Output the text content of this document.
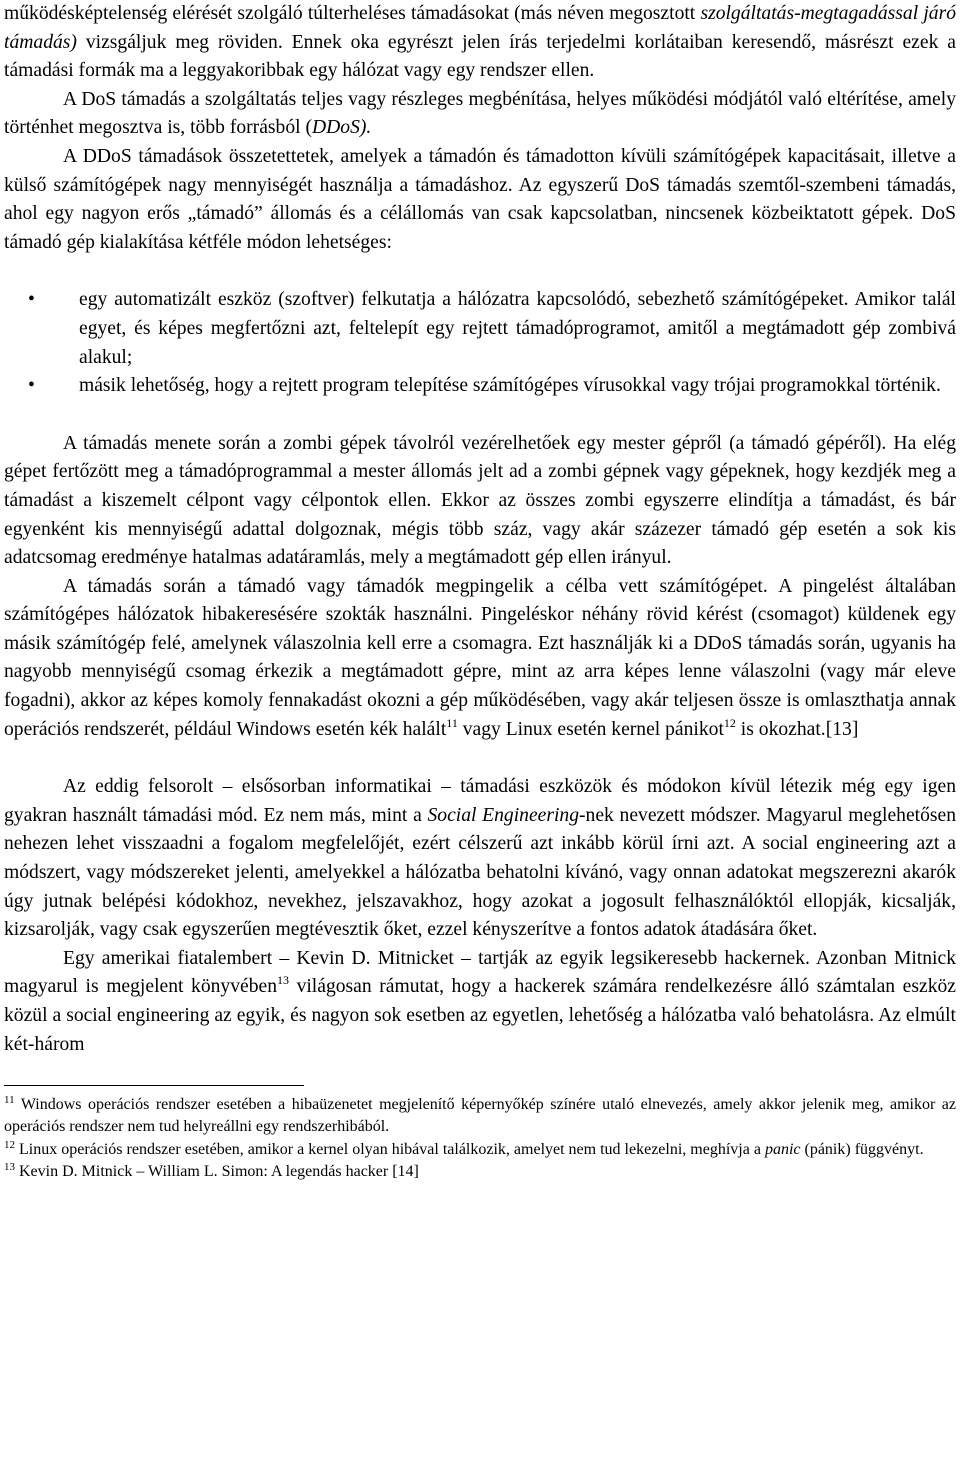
működésképtelenség elérését szolgáló túlterheléses támadásokat (más néven megosztott szolgáltatás-megtagadással járó támadás) vizsgáljuk meg röviden. Ennek oka egyrészt jelen írás terjedelmi korlátaiban keresendő, másrészt ezek a támadási formák ma a leggyakoribbak egy hálózat vagy egy rendszer ellen.

A DoS támadás a szolgáltatás teljes vagy részleges megbénítása, helyes működési módjától való eltérítése, amely történhet megosztva is, több forrásból (DDoS).

A DDoS támadások összetettetek, amelyek a támadón és támadotton kívüli számítógépek kapacitásait, illetve a külső számítógépek nagy mennyiségét használja a támadáshoz. Az egyszerű DoS támadás szemtől-szembeni támadás, ahol egy nagyon erős „támadó” állomás és a célállomás van csak kapcsolatban, nincsenek közbeiktatott gépek. DoS támadó gép kialakítása kétféle módon lehetséges:

• egy automatizált eszköz (szoftver) felkutatja a hálózatra kapcsolódó, sebezhető számítógépeket. Amikor talál egyet, és képes megfertőzni azt, feltelepít egy rejtett támadóprogramot, amitől a megtámadott gép zombivá alakul;
• másik lehetőség, hogy a rejtett program telepítése számítógépes vírusokkal vagy trójai programokkal történik.

A támadás menete során a zombi gépek távolról vezérelhetőek egy mester gépről (a támadó gépéről). Ha elég gépet fertőzött meg a támadóprogrammal a mester állomás jelt ad a zombi gépnek vagy gépeknek, hogy kezdjék meg a támadást a kiszemelt célpont vagy célpontok ellen. Ekkor az összes zombi egyszerre elindítja a támadást, és bár egyenként kis mennyiségű adattal dolgoznak, mégis több száz, vagy akár százezer támadó gép esetén a sok kis adatcsomag eredménye hatalmas adatáramlás, mely a megtámadott gép ellen irányul.

A támadás során a támadó vagy támadók megpingelik a célba vett számítógépet. A pingelést általában számítógépes hálózatok hibakeresésére szokták használni. Pingeléskor néhány rövid kérést (csomagot) küldenek egy másik számítógép felé, amelynek válaszolnia kell erre a csomagra. Ezt használják ki a DDoS támadás során, ugyanis ha nagyobb mennyiségű csomag érkezik a megtámadott gépre, mint az arra képes lenne válaszolni (vagy már eleve fogadni), akkor az képes komoly fennakadást okozni a gép működésében, vagy akár teljesen össze is omlaszthatja annak operációs rendszerét, például Windows esetén kék halált$^{11}$ vagy Linux esetén kernel pánikot$^{12}$ is okozhat.[13]

Az eddig felsorolt – elsősorban informatikai – támadási eszközök és módokon kívül létezik még egy igen gyakran használt támadási mód. Ez nem más, mint a Social Engineering-nek nevezett módszer. Magyarul meglehetősen nehezen lehet visszaadni a fogalom megfelelőjét, ezért célszerű azt inkább körül írni azt. A social engineering azt a módszert, vagy módszereket jelenti, amelyekkel a hálózatba behatolni kívánó, vagy onnan adatokat megszerezni akarók úgy jutnak belépési kódokhoz, nevekhez, jelszavakhoz, hogy azokat a jogosult felhasználóktól ellopják, kicsalják, kizsarolják, vagy csak egyszerűen megtévesztik őket, ezzel kényszerítve a fontos adatok átadására őket.

Egy amerikai fiatalembert – Kevin D. Mitnicket – tartják az egyik legsikeresebb hackernek. Azonban Mitnick magyarul is megjelent könyvében$^{13}$ világosan rámutat, hogy a hackerek számára rendelkezésre álló számtalan eszköz közül a social engineering az egyik, és nagyon sok esetben az egyetlen, lehetőség a hálózatba való behatolásra. Az elmúlt két-három

$^{11}$ Windows operációs rendszer esetében a hibaüzenetet megjelenítő képernyőkép színére utaló elnevezés, amely akkor jelenik meg, amikor az operációs rendszer nem tud helyreállni egy rendszerhibából.

$^{12}$ Linux operációs rendszer esetében, amikor a kernel olyan hibával találkozik, amelyet nem tud lekezelni, meghívja a panic (pánik) függvényt.

$^{13}$ Kevin D. Mitnick – William L. Simon: A legendás hacker [14]
